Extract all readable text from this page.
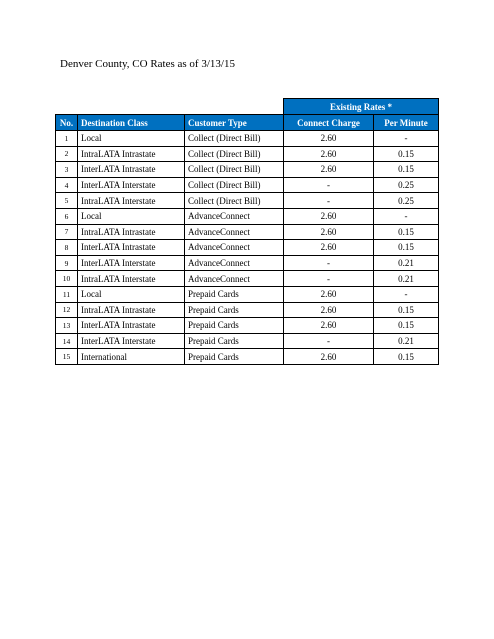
Denver County, CO Rates as of 3/13/15
			Existing Rates *	
No.	Destination Class	Customer Type	Connect Charge	Per Minute
1	Local	Collect (Direct Bill)	2.60	-
2	IntraLATA Intrastate	Collect (Direct Bill)	2.60	0.15
3	InterLATA Intrastate	Collect (Direct Bill)	2.60	0.15
4	InterLATA Interstate	Collect (Direct Bill)	-	0.25
5	IntraLATA Interstate	Collect (Direct Bill)	-	0.25
6	Local	AdvanceConnect	2.60	-
7	IntraLATA Intrastate	AdvanceConnect	2.60	0.15
8	InterLATA Intrastate	AdvanceConnect	2.60	0.15
9	InterLATA Interstate	AdvanceConnect	-	0.21
10	IntraLATA Interstate	AdvanceConnect	-	0.21
11	Local	Prepaid Cards	2.60	-
12	IntraLATA Intrastate	Prepaid Cards	2.60	0.15
13	InterLATA Intrastate	Prepaid Cards	2.60	0.15
14	InterLATA Interstate	Prepaid Cards	-	0.21
15	International	Prepaid Cards	2.60	0.15
